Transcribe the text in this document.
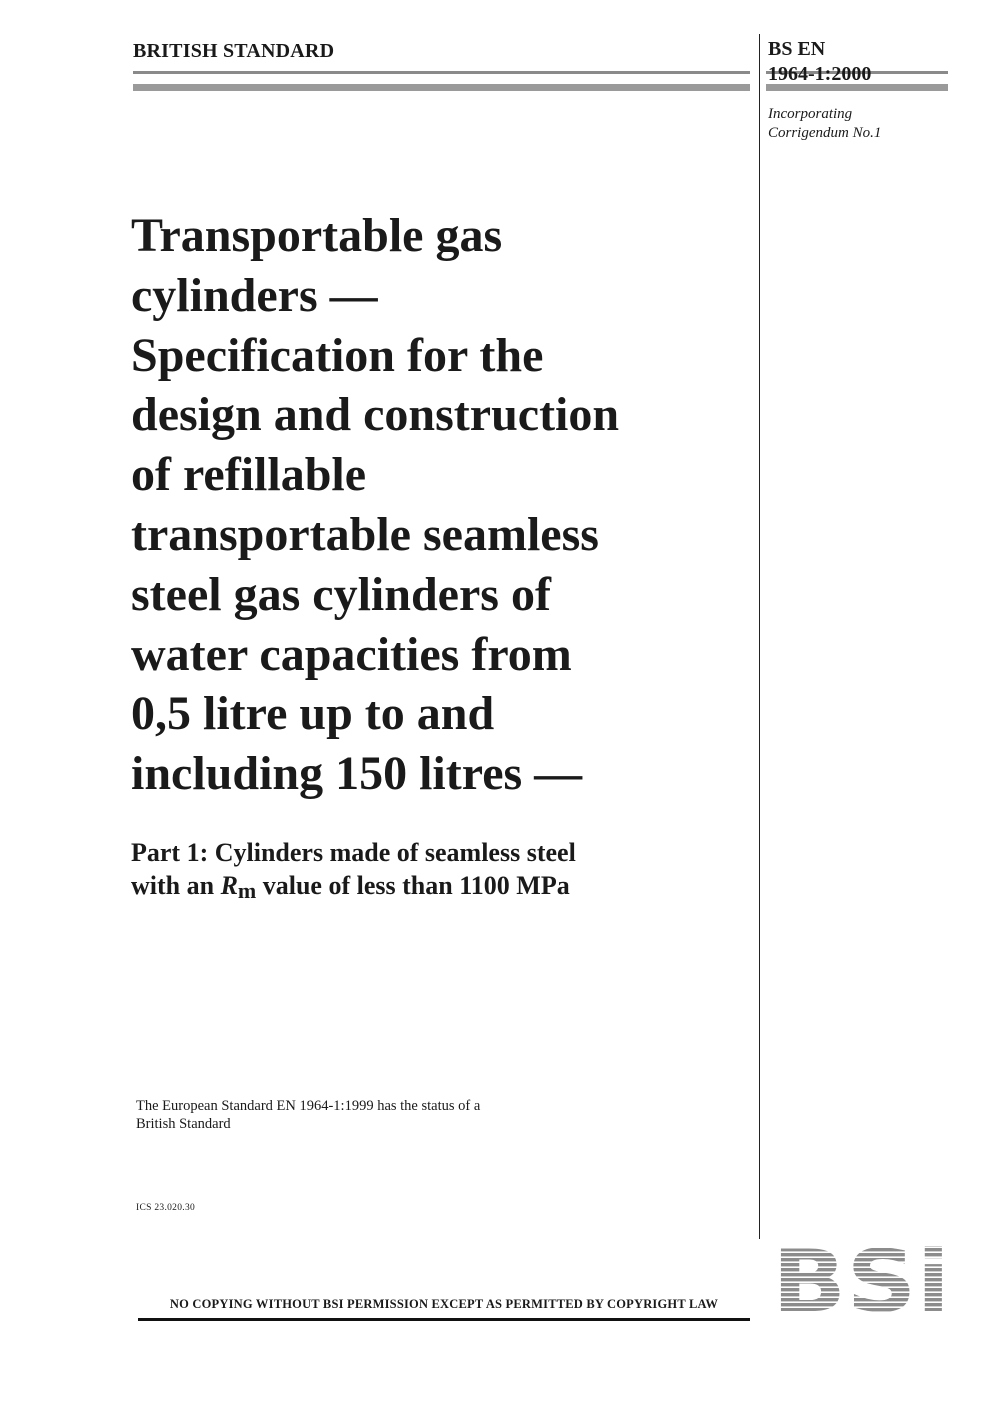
BRITISH STANDARD	BS EN
1964-1:2000
Incorporating
Corrigendum No.1
Transportable gas
cylinders —
Specification for the
design and construction
of refillable
transportable seamless
steel gas cylinders of
water capacities from
0,5 litre up to and
including 150 litres —
Part 1: Cylinders made of seamless steel
with an Rm value of less than 1100 MPa
The European Standard EN 1964-1:1999 has the status of a
British Standard
ICS 23.020.30
NO COPYING WITHOUT BSI PERMISSION EXCEPT AS PERMITTED BY COPYRIGHT LAW
